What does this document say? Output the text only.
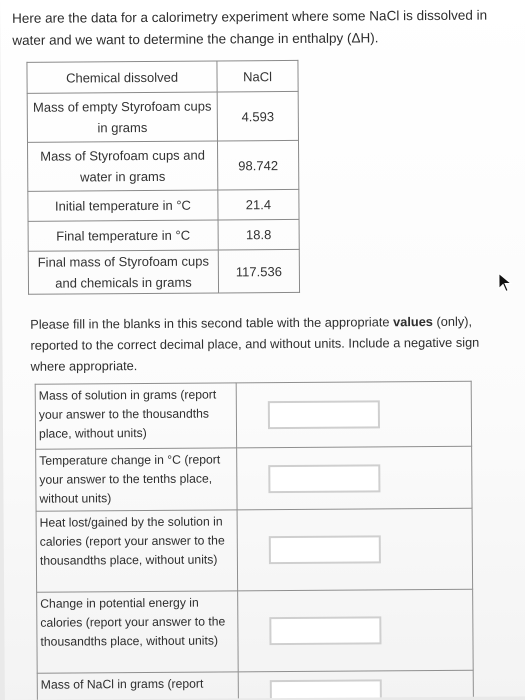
Here are the data for a calorimetry experiment where some NaCl is dissolved in water and we want to determine the change in enthalpy (ΔH).
Chemical dissolved	NaCl
Mass of empty Styrofoam cups in grams	4.593
Mass of Styrofoam cups and water in grams	98.742
Initial temperature in °C	21.4
Final temperature in °C	18.8
Final mass of Styrofoam cups and chemicals in grams	117.536
Please fill in the blanks in this second table with the appropriate values (only), reported to the correct decimal place, and without units. Include a negative sign where appropriate.
Mass of solution in grams (report your answer to the thousandths place, without units)	

Temperature change in °C (report your answer to the tenths place, without units)	

Heat lost/gained by the solution in calories (report your answer to the thousandths place, without units)	

Change in potential energy in calories (report your answer to the thousandths place, without units)	

Mass of NaCl in grams (report	
